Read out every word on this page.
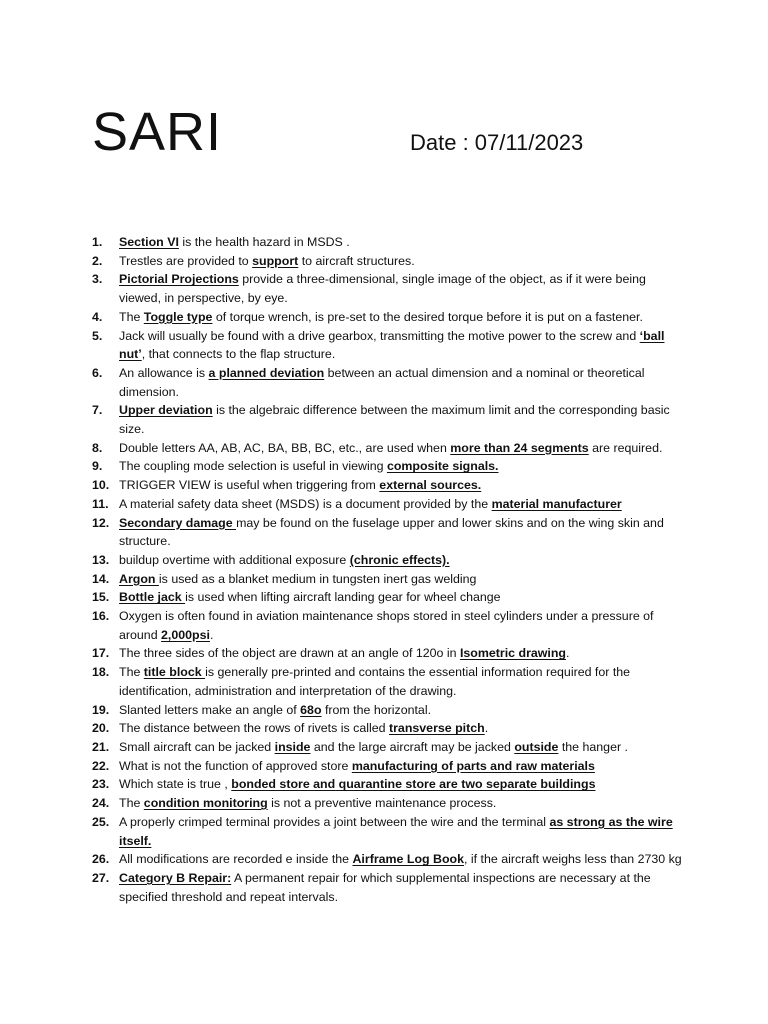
SARI	Date : 07/11/2023
1.	Section VI is the health hazard in MSDS .
2.	Trestles are provided to support to aircraft structures.
3.	Pictorial Projections provide a three-dimensional, single image of the object, as if it were being viewed, in perspective, by eye.
4.	The Toggle type of torque wrench, is pre-set to the desired torque before it is put on a fastener.
5.	Jack will usually be found with a drive gearbox, transmitting the motive power to the screw and ‘ball nut’, that connects to the flap structure.
6.	An allowance is a planned deviation between an actual dimension and a nominal or theoretical dimension.
7.	Upper deviation is the algebraic difference between the maximum limit and the corresponding basic size.
8.	Double letters AA, AB, AC, BA, BB, BC, etc., are used when more than 24 segments are required.
9.	The coupling mode selection is useful in viewing composite signals.
10. TRIGGER VIEW is useful when triggering from external sources.
11. A material safety data sheet (MSDS) is a document provided by the material manufacturer
12. Secondary damage may be found on the fuselage upper and lower skins and on the wing skin and structure.
13. buildup overtime with additional exposure (chronic effects).
14. Argon is used as a blanket medium in tungsten inert gas welding
15. Bottle jack is used when lifting aircraft landing gear for wheel change
16. Oxygen is often found in aviation maintenance shops stored in steel cylinders under a pressure of around 2,000psi.
17. The three sides of the object are drawn at an angle of 120o in Isometric drawing.
18. The title block is generally pre-printed and contains the essential information required for the identification, administration and interpretation of the drawing.
19. Slanted letters make an angle of 68o from the horizontal.
20. The distance between the rows of rivets is called transverse pitch.
21. Small aircraft can be jacked inside and the large aircraft may be jacked outside the hanger .
22. What is not the function of approved store manufacturing of parts and raw materials
23. Which state is true , bonded store and quarantine store are two separate buildings
24. The condition monitoring is not a preventive maintenance process.
25. A properly crimped terminal provides a joint between the wire and the terminal as strong as the wire itself.
26. All modifications are recorded e inside the Airframe Log Book, if the aircraft weighs less than 2730 kg
27. Category B Repair: A permanent repair for which supplemental inspections are necessary at the specified threshold and repeat intervals.
